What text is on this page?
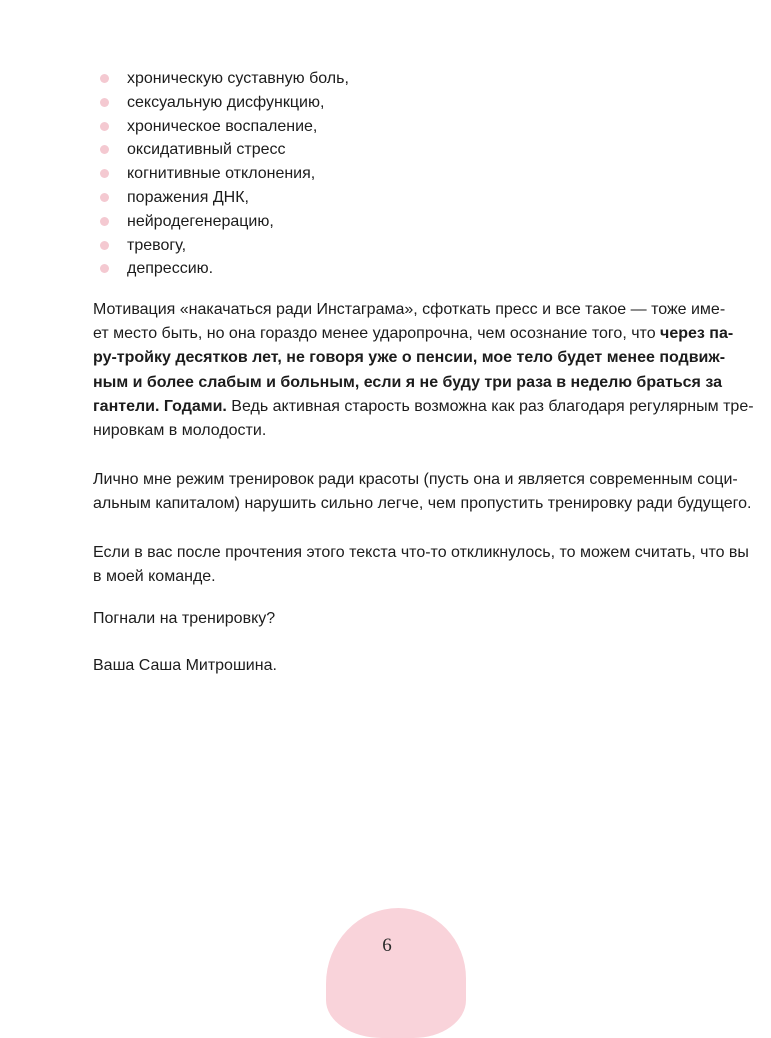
хроническую суставную боль,
сексуальную дисфункцию,
хроническое воспаление,
оксидативный стресс
когнитивные отклонения,
поражения ДНК,
нейродегенерацию,
тревогу,
депрессию.
Мотивация «накачаться ради Инстаграма», сфоткать пресс и все такое — тоже име-
ет место быть, но она гораздо менее ударопрочна, чем осознание того, что через па-
ру-тройку десятков лет, не говоря уже о пенсии, мое тело будет менее подвиж-
ным и более слабым и больным, если я не буду три раза в неделю браться за
гантели. Годами. Ведь активная старость возможна как раз благодаря регулярным тре-
нировкам в молодости.
Лично мне режим тренировок ради красоты (пусть она и является современным соци-
альным капиталом) нарушить сильно легче, чем пропустить тренировку ради будущего.
Если в вас после прочтения этого текста что-то откликнулось, то можем считать, что вы
в моей команде.

Погнали на тренировку?

Ваша Саша Митрошина.

6
